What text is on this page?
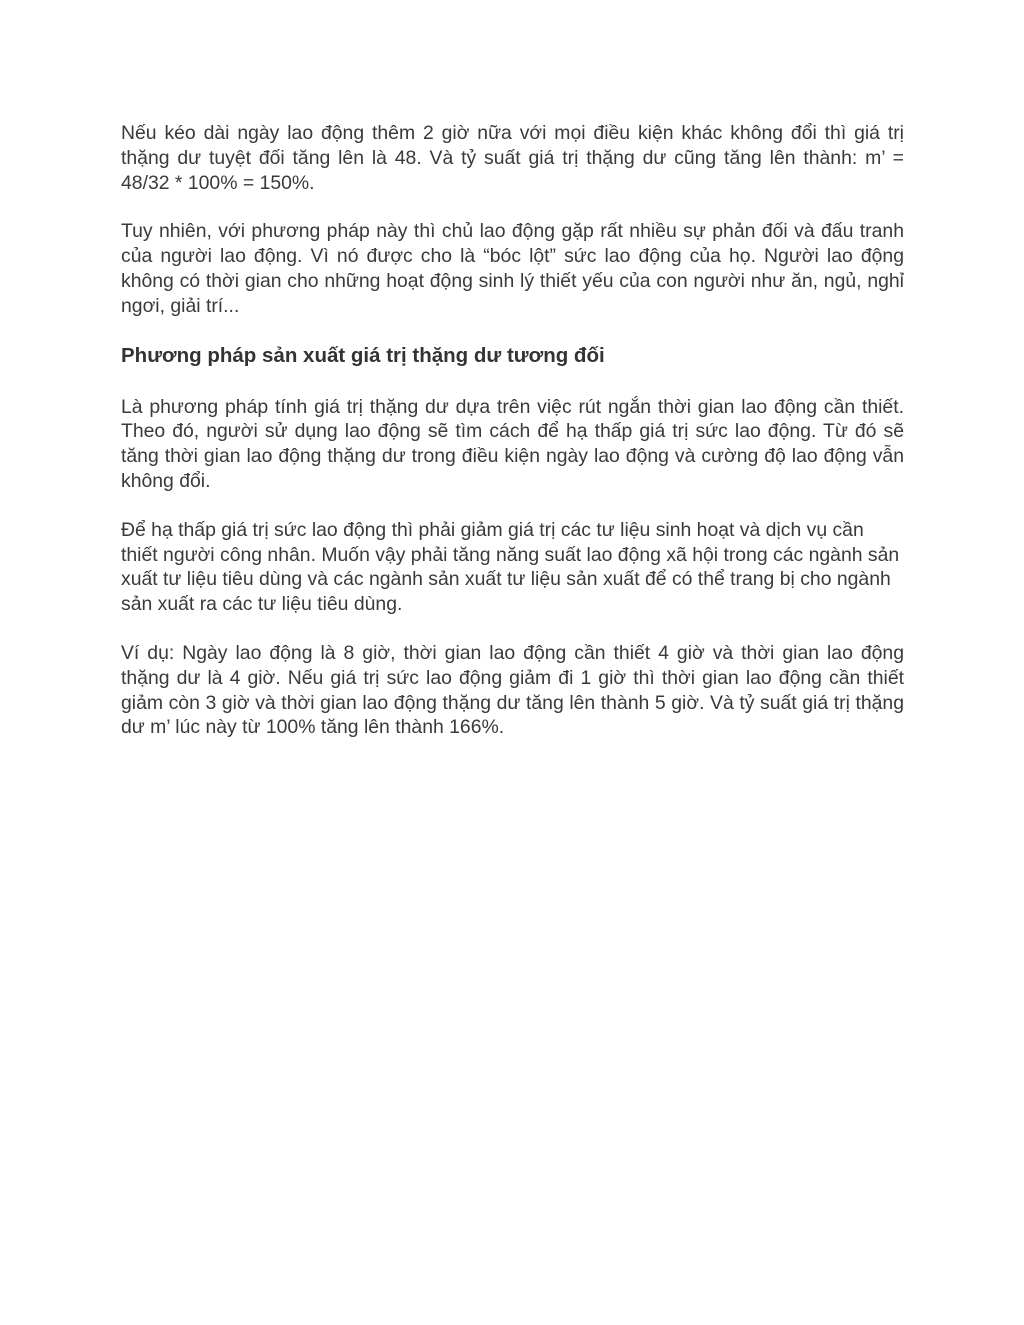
Nếu kéo dài ngày lao động thêm 2 giờ nữa với mọi điều kiện khác không đổi thì giá trị thặng dư tuyệt đối tăng lên là 48. Và tỷ suất giá trị thặng dư cũng tăng lên thành: m’ = 48/32 * 100% = 150%.

Tuy nhiên, với phương pháp này thì chủ lao động gặp rất nhiều sự phản đối và đấu tranh của người lao động. Vì nó được cho là “bóc lột” sức lao động của họ. Người lao động không có thời gian cho những hoạt động sinh lý thiết yếu của con người như ăn, ngủ, nghỉ ngơi, giải trí...

Phương pháp sản xuất giá trị thặng dư tương đối

Là phương pháp tính giá trị thặng dư dựa trên việc rút ngắn thời gian lao động cần thiết. Theo đó, người sử dụng lao động sẽ tìm cách để hạ thấp giá trị sức lao động. Từ đó sẽ tăng thời gian lao động thặng dư trong điều kiện ngày lao động và cường độ lao động vẫn không đổi.

Để hạ thấp giá trị sức lao động thì phải giảm giá trị các tư liệu sinh hoạt và dịch vụ cần thiết người công nhân. Muốn vậy phải tăng năng suất lao động xã hội trong các ngành sản xuất tư liệu tiêu dùng và các ngành sản xuất tư liệu sản xuất để có thể trang bị cho ngành sản xuất ra các tư liệu tiêu dùng.

Ví dụ: Ngày lao động là 8 giờ, thời gian lao động cần thiết 4 giờ và thời gian lao động thặng dư là 4 giờ. Nếu giá trị sức lao động giảm đi 1 giờ thì thời gian lao động cần thiết giảm còn 3 giờ và thời gian lao động thặng dư tăng lên thành 5 giờ. Và tỷ suất giá trị thặng dư m’ lúc này từ 100% tăng lên thành 166%.
